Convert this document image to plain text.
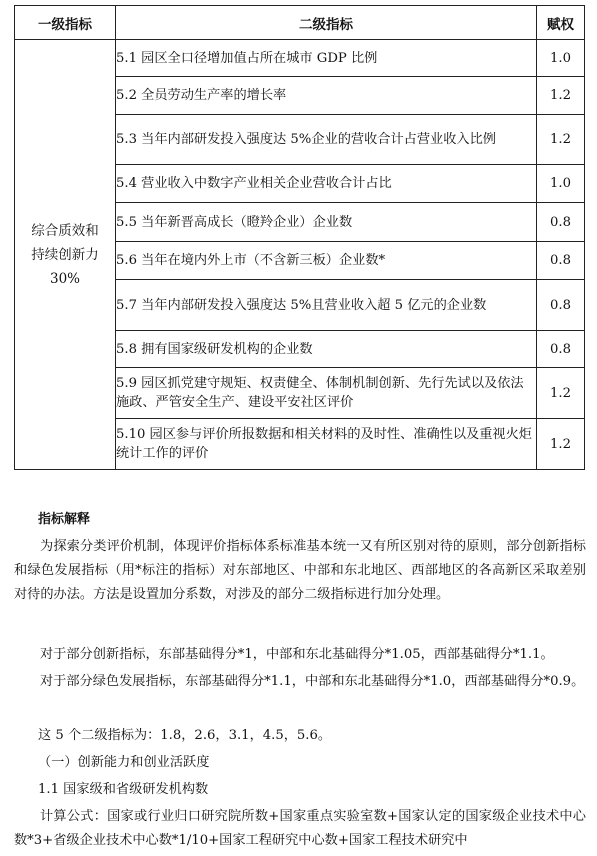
一级指标	二级指标	赋权

综合质效和
持续创新力
30%	5.1 园区全口径增加值占所在城市 GDP 比例	1.0
	5.2 全员劳动生产率的增长率	1.2
	5.3 当年内部研发投入强度达 5%企业的营收合计占营业收入比例	1.2
	5.4 营业收入中数字产业相关企业营收合计占比	1.0
	5.5 当年新晋高成长（瞪羚企业）企业数	0.8
	5.6 当年在境内外上市（不含新三板）企业数*	0.8
	5.7 当年内部研发投入强度达 5%且营业收入超 5 亿元的企业数	0.8
	5.8 拥有国家级研发机构的企业数	0.8
	5.9 园区抓党建守规矩、权责健全、体制机制创新、先行先试以及依法施政、严管安全生产、建设平安社区评价	1.2
	5.10 园区参与评价所报数据和相关材料的及时性、准确性以及重视火炬统计工作的评价	1.2
指标解释
为探索分类评价机制，体现评价指标体系标准基本统一又有所区别对待的原则，部分创新指标和绿色发展指标（用*标注的指标）对东部地区、中部和东北地区、西部地区的各高新区采取差别对待的办法。方法是设置加分系数，对涉及的部分二级指标进行加分处理。
对于部分创新指标，东部基础得分*1，中部和东北基础得分*1.05，西部基础得分*1.1。
对于部分绿色发展指标，东部基础得分*1.1，中部和东北基础得分*1.0，西部基础得分*0.9。
这 5 个二级指标为：1.8，2.6，3.1，4.5，5.6。
（一）创新能力和创业活跃度
1.1 国家级和省级研发机构数
计算公式：国家或行业归口研究院所数+国家重点实验室数+国家认定的国家级企业技术中心数*3+省级企业技术中心数*1/10+国家工程研究中心数+国家工程技术研究中
